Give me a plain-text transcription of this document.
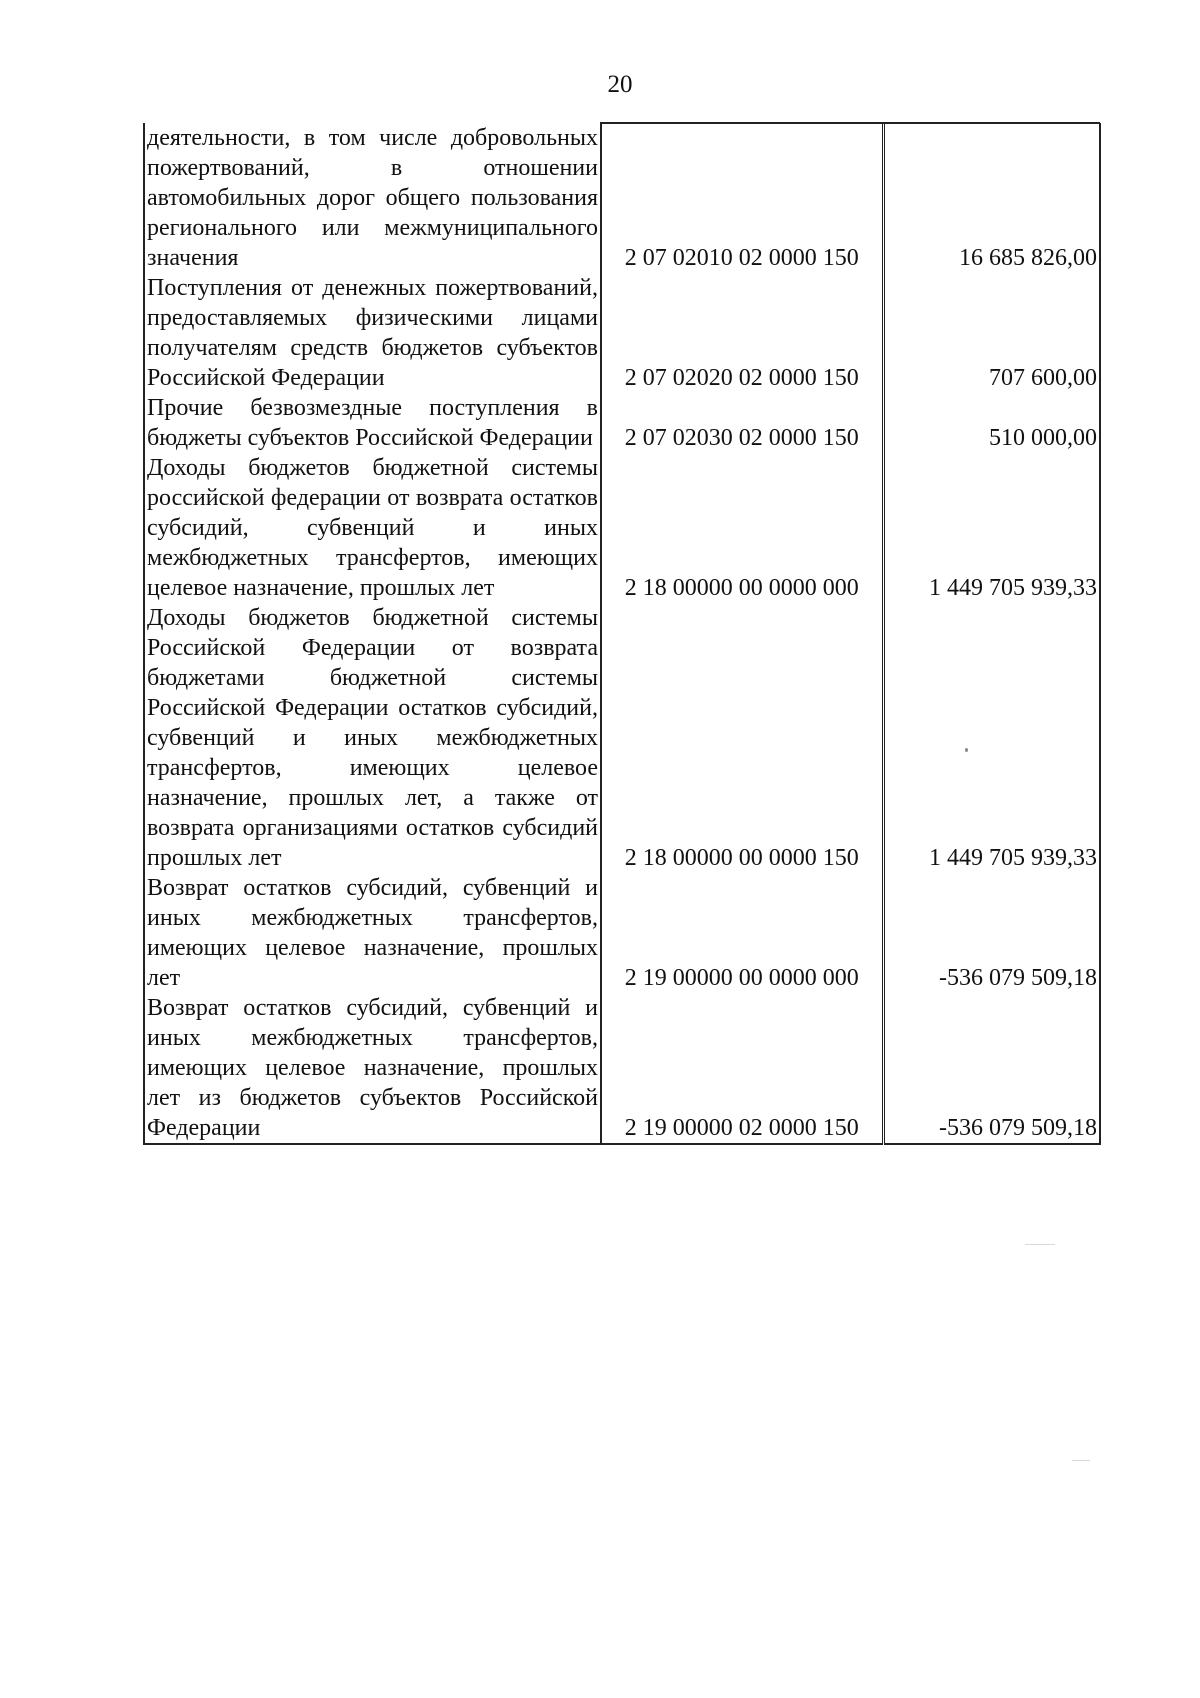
20
деятельности, в том числе добровольных пожертвований, в отношении автомобильных дорог общего пользования регионального или межмуниципального значения	2 07 02010 02 0000 150	16 685 826,00
Поступления от денежных пожертвований, предоставляемых физическими лицами получателям средств бюджетов субъектов Российской Федерации	2 07 02020 02 0000 150	707 600,00
Прочие безвозмездные поступления в бюджеты субъектов Российской Федерации	2 07 02030 02 0000 150	510 000,00
Доходы бюджетов бюджетной системы российской федерации от возврата остатков субсидий, субвенций и иных межбюджетных трансфертов, имеющих целевое назначение, прошлых лет	2 18 00000 00 0000 000	1 449 705 939,33
Доходы бюджетов бюджетной системы Российской Федерации от возврата бюджетами бюджетной системы Российской Федерации остатков субсидий, субвенций и иных межбюджетных трансфертов, имеющих целевое назначение, прошлых лет, а также от возврата организациями остатков субсидий прошлых лет	2 18 00000 00 0000 150	1 449 705 939,33
Возврат остатков субсидий, субвенций и иных межбюджетных трансфертов, имеющих целевое назначение, прошлых лет	2 19 00000 00 0000 000	-536 079 509,18
Возврат остатков субсидий, субвенций и иных межбюджетных трансфертов, имеющих целевое назначение, прошлых лет из бюджетов субъектов Российской Федерации	2 19 00000 02 0000 150	-536 079 509,18
